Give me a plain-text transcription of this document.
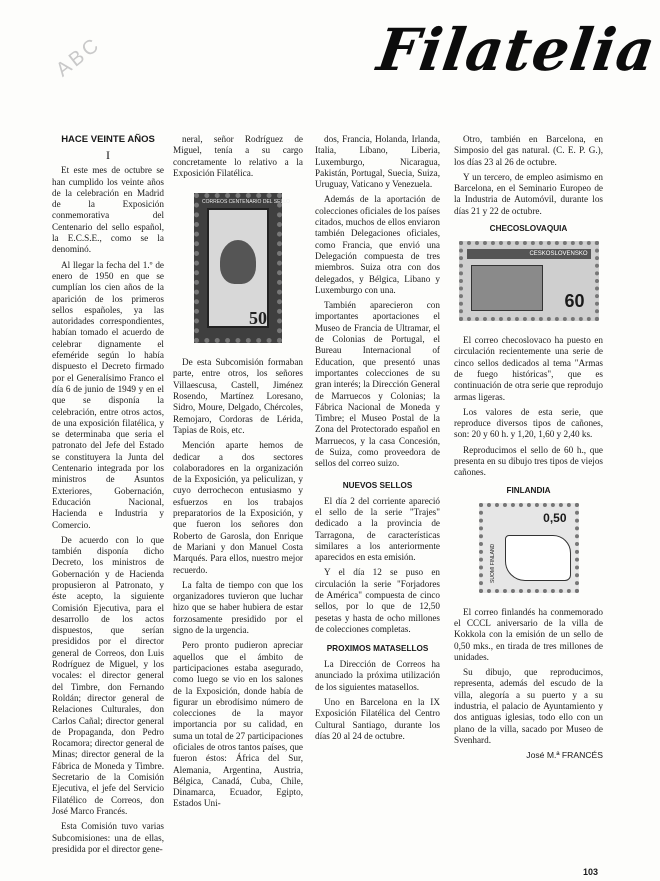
ABC	Filatelia

HACE VEINTE AÑOS

I

Et este mes de octubre se han cumplido los veinte años de la celebración en Madrid de la Exposición conmemorativa del Centenario del sello español, la E.C.S.E., como se la denominó.

Al llegar la fecha del 1.º de enero de 1950 en que se cumplían los cien años de la aparición de los primeros sellos españoles, ya las autoridades correspondientes, habían tomado el acuerdo de celebrar dignamente el efeméride según lo había dispuesto el Decreto firmado por el Generalísimo Franco el día 6 de junio de 1949 y en el que se disponía la celebración, entre otros actos, de una exposición filatélica, y se determinaba que seria el patronato del Jefe del Estado se constituyera la Junta del Centenario integrada por los ministros de Asuntos Exteriores, Gobernación, Educación Nacional, Hacienda e Industria y Comercio.

De acuerdo con lo que también disponía dicho Decreto, los ministros de Gobernación y de Hacienda propusieron al Patronato, y éste acepto, la siguiente Comisión Ejecutiva, para el desarrollo de los actos dispuestos, que serían presididos por el director general de Correos, don Luis Rodríguez de Miguel, y los vocales: el director general del Timbre, don Fernando Roldán; director general de Relaciones Culturales, don Carlos Cañal; director general de Propaganda, don Pedro Rocamora; director general de Minas; director general de la Fábrica de Moneda y Timbre. Secretario de la Comisión Ejecutiva, el jefe del Servicio Filatélico de Correos, don José Marco Francés.

Esta Comisión tuvo varias Subcomisiones: una de ellas, presidida por el director gene-

neral, señor Rodríguez de Miguel, tenía a su cargo concretamente lo relativo a la Exposición Filatélica.

CORREOS CENTENARIO DEL SELLO
50

De esta Subcomisión formaban parte, entre otros, los señores Villaescusa, Castell, Jiménez Rosendo, Martínez Loresano, Sidro, Moure, Delgado, Chércoles, Remojaro, Cordoras de Lérida, Tapias de Rois, etc.

Mención aparte hemos de dedicar a dos sectores colaboradores en la organización de la Exposición, ya peliculizan, y cuyo derrochecon entusiasmo y esfuerzos en los trabajos preparatorios de la Exposición, y que fueron los señores don Roberto de Garosla, don Enrique de Mariani y don Manuel Costa Marqués. Para ellos, nuestro mejor recuerdo.

La falta de tiempo con que los organizadores tuvieron que luchar hizo que se haber hubiera de estar forzosamente presidido por el signo de la urgencia.

Pero pronto pudieron apreciar aquellos que el ámbito de participaciones estaba asegurado, como luego se vio en los salones de la Exposición, donde había de figurar un ebrodísimo número de colecciones de la mayor importancia por su calidad, en suma un total de 27 participaciones oficiales de otros tantos países, que fueron éstos: África del Sur, Alemania, Argentina, Austria, Bélgica, Canadá, Cuba, Chile, Dinamarca, Ecuador, Egipto, Estados Uni-

dos, Francia, Holanda, Irlanda, Italia, Líbano, Liberia, Luxemburgo, Nicaragua, Pakistán, Portugal, Suecia, Suiza, Uruguay, Vaticano y Venezuela.

Además de la aportación de colecciones oficiales de los países citados, muchos de ellos enviaron también Delegaciones oficiales, como Francia, que envió una Delegación compuesta de tres miembros. Suiza otra con dos delegados, y Bélgica, Libano y Luxemburgo con una.

También aparecieron con importantes aportaciones el Museo de Francia de Ultramar, el de Colonias de Portugal, el Bureau Internacional of Education, que presentó unas importantes colecciones de su gran interés; la Dirección General de Marruecos y Colonias; la Fábrica Nacional de Moneda y Timbre; el Museo Postal de la Zona del Protectorado español en Marruecos, y la casa Concesión, de Suiza, como proveedora de sellos del correo suizo.

NUEVOS SELLOS

El día 2 del corriente apareció el sello de la serie "Trajes" dedicado a la provincia de Tarragona, de características similares a los anteriormente aparecidos en esta emisión.

Y el día 12 se puso en circulación la serie "Forjadores de América" compuesta de cinco sellos, por lo que de 12,50 pesetas y hasta de ocho millones de colecciones completas.

PROXIMOS MATASELLOS

La Dirección de Correos ha anunciado la próxima utilización de los siguientes matasellos.

Uno en Barcelona en la IX Exposición Filatélica del Centro Cultural Santiago, durante los días 20 al 24 de octubre.

Otro, también en Barcelona, en Simposio del gas natural. (C. E. P. G.), los días 23 al 26 de octubre.

Y un tercero, de empleo asimismo en Barcelona, en el Seminario Europeo de la Industria de Automóvil, durante los días 21 y 22 de octubre.

CHECOSLOVAQUIA

CESKOSLOVENSKO
60

El correo checoslovaco ha puesto en circulación recientemente una serie de cinco sellos dedicados al tema "Armas de fuego históricas", que es continuación de otra serie que reprodujo armas ligeras.

Los valores de esta serie, que reproduce diversos tipos de cañones, son: 20 y 60 h. y 1,20, 1,60 y 2,40 ks.

Reproducimos el sello de 60 h., que presenta en su dibujo tres tipos de viejos cañones.

FINLANDIA

SUOMI FINLAND
0,50

El correo finlandés ha conmemorado el CCCL aniversario de la villa de Kokkola con la emisión de un sello de 0,50 mks., en tirada de tres millones de unidades.

Su dibujo, que reproducimos, representa, además del escudo de la villa, alegoría a su puerto y a su industria, el palacio de Ayuntamiento y dos antiguas iglesias, todo ello con un plano de la villa, sacado por Museo de Svenhard.

José M.ª FRANCÉS

103
